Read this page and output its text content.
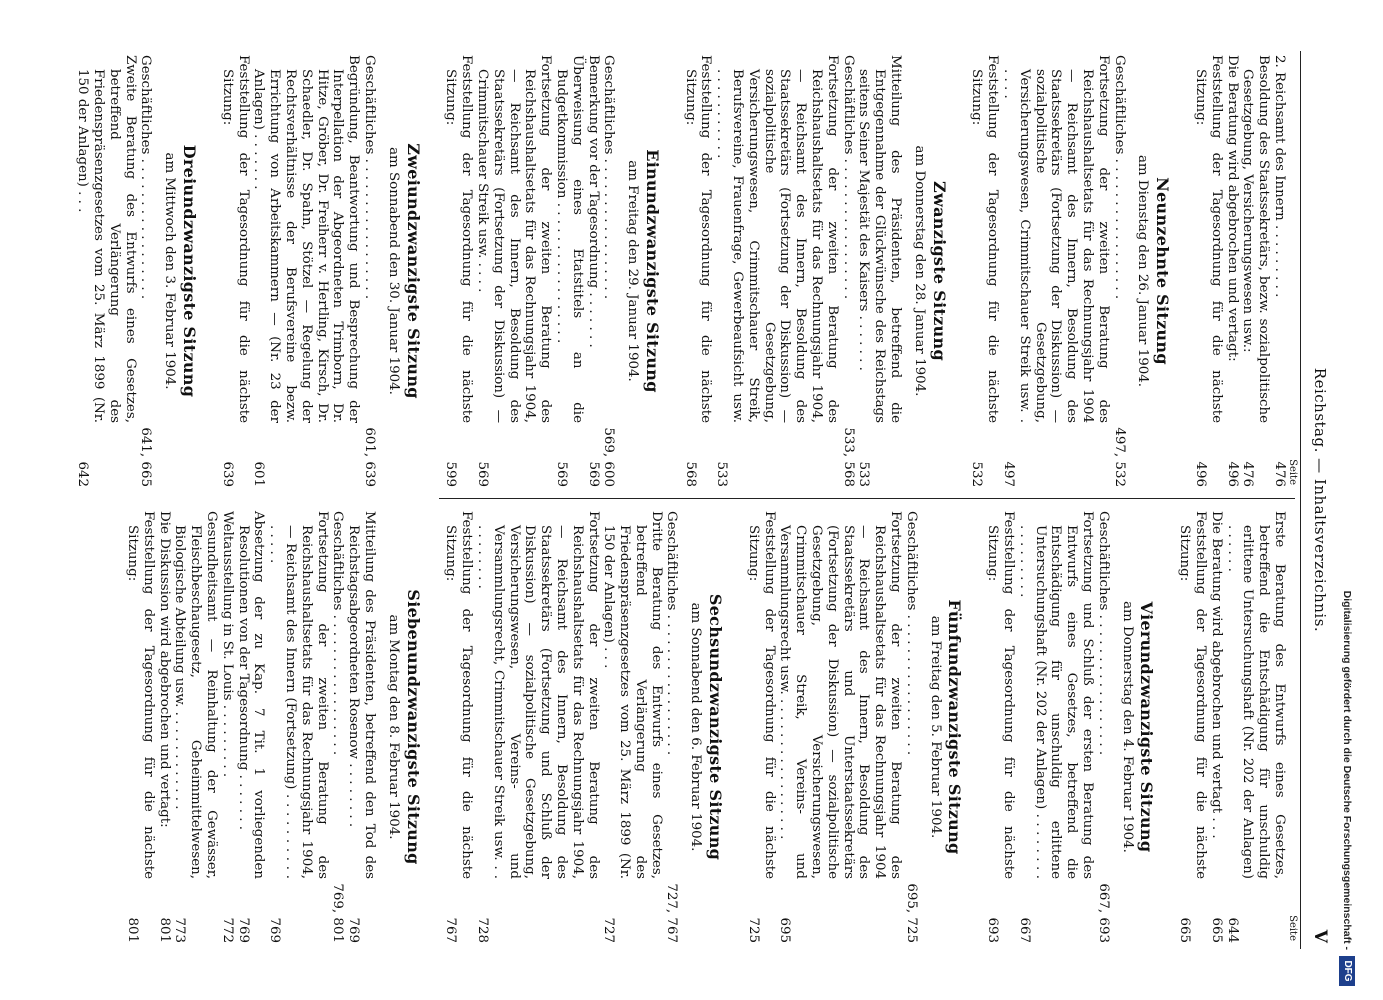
Reichstag. — Inhaltsverzeichnis.
V
Seite
2. Reichsamt des Innern . . . . . . . . .
476
Besoldung des Staatssekretärs, bezw. sozialpolitische Gesetzgebung, Versicherungswesen usw.:
476
Die Beratung wird abgebrochen und vertagt:
496
Feststellung der Tagesordnung für die nächste Sitzung:
496
Neunzehnte Sitzung
am Dienstag den 26. Januar 1904.
Geschäftliches . . . . . . . . . . . . . . . . .
497, 532
Fortsetzung der zweiten Beratung des Reichshaushaltsetats für das Rechnungsjahr 1904 — Reichsamt des Innern, Besoldung des Staatssekretärs (Fortsetzung der Diskussion) — sozialpolitische Gesetzgebung, Versicherungswesen, Crimmitschauer Streik usw. . . . . .
497
Feststellung der Tagesordnung für die nächste Sitzung:
532
Zwanzigste Sitzung
am Donnerstag den 28. Januar 1904.
Mitteilung des Präsidenten, betreffend die Entgegennahme der Glückwünsche des Reichstags seitens Seiner Majestät des Kaisers . . . . . . .
533
Geschäftliches . . . . . . . . . . . . . . . . .
533, 568
Fortsetzung der zweiten Beratung des Reichshaushaltsetats für das Rechnungsjahr 1904, — Reichsamt des Innern, Besoldung des Staatssekretärs (Fortsetzung der Diskussion) — sozialpolitische Gesetzgebung, Versicherungswesen, Crimmitschauer Streik, Berufsvereine, Frauenfrage, Gewerbeaufsicht usw. . . . . . . . . . . .
533
Feststellung der Tagesordnung für die nächste Sitzung:
568
Einundzwanzigste Sitzung
am Freitag den 29. Januar 1904.
Geschäftliches . . . . . . . . . . . . . . . . .
569, 600
Bemerkung vor der Tagesordnung . . . . . . .
569
Überweisung eines Etatstitels an die Budgetkommission . . . . . . . . . . . . . . . . .
569
Fortsetzung der zweiten Beratung des Reichshaushaltsetats für das Rechnungsjahr 1904, — Reichsamt des Innern, Besoldung des Staatssekretärs (Fortsetzung der Diskussion) — Crimmitschauer Streik usw. . . . .
569
Feststellung der Tagesordnung für die nächste Sitzung:
599
Zweiundzwanzigste Sitzung
am Sonnabend den 30. Januar 1904.
Geschäftliches . . . . . . . . . . . . . . . . .
601, 639
Begründung, Beantwortung und Besprechung der Interpellation der Abgeordneten Trimborn, Dr. Hitze, Gröber, Dr. Freiherr v. Hertling, Kirsch, Dr. Schaedler, Dr. Spahn, Stötzel — Regelung der Rechtsverhältnisse der Berufsvereine bezw. Errichtung von Arbeitskammern — (Nr. 23 der Anlagen) . . . . . . .
601
Feststellung der Tagesordnung für die nächste Sitzung:
639
Dreiundzwanzigste Sitzung
am Mittwoch den 3. Februar 1904.
Geschäftliches . . . . . . . . . . . . . . . . .
641, 665
Zweite Beratung des Entwurfs eines Gesetzes, betreffend Verlängerung des Friedenspräsenzgesetzes vom 25. März 1899 (Nr. 150 der Anlagen) . . .
642
Seite
Erste Beratung des Entwurfs eines Gesetzes, betreffend die Entschädigung für unschuldig erlittene Untersuchungshaft (Nr. 202 der Anlagen) . . . . . .
644
Die Beratung wird abgebrochen und vertagt . . .
665
Feststellung der Tagesordnung für die nächste Sitzung:
665
Vierundzwanzigste Sitzung
am Donnerstag den 4. Februar 1904.
Geschäftliches . . . . . . . . . . . . . . . . .
667, 693
Fortsetzung und Schluß der ersten Beratung des Entwurfs eines Gesetzes, betreffend die Entschädigung für unschuldig erlittene Untersuchungshaft (Nr. 202 der Anlagen) . . . . . . . . . . . . . . . . .
667
Feststellung der Tagesordnung für die nächste Sitzung:
693
Fünfundzwanzigste Sitzung
am Freitag den 5. Februar 1904.
Geschäftliches . . . . . . . . . . . . . . . . .
695, 725
Fortsetzung der zweiten Beratung des Reichshaushaltsetats für das Rechnungsjahr 1904 — Reichsamt des Innern, Besoldung des Staatssekretärs und Unterstaatssekretärs (Fortsetzung der Diskussion) — sozialpolitische Gesetzgebung, Versicherungswesen, Crimmitschauer Streik, Vereins- und Versammlungsrecht usw. . . . . . . . . . . . . . . . . .
695
Feststellung der Tagesordnung für die nächste Sitzung:
725
Sechsundzwanzigste Sitzung
am Sonnabend den 6. Februar 1904.
Geschäftliches . . . . . . . . . . . . . . . . .
727, 767
Dritte Beratung des Entwurfs eines Gesetzes, betreffend Verlängerung des Friedenspräsenzgesetzes vom 25. März 1899 (Nr. 150 der Anlagen) . . .
727
Fortsetzung der zweiten Beratung des Reichshaushaltsetats für das Rechnungsjahr 1904, — Reichsamt des Innern, Besoldung des Staatssekretärs (Fortsetzung und Schluß der Diskussion) — sozialpolitische Gesetzgebung, Versicherungswesen, Vereins- und Versammlungsrecht, Crimmitschauer Streik usw. . . . . . . . . . .
728
Feststellung der Tagesordnung für die nächste Sitzung:
767
Siebenundzwanzigste Sitzung
am Montag den 8. Februar 1904.
Mitteilung des Präsidenten, betreffend den Tod des Reichstagsabgeordneten Rosenow . . . . . . . .
769
Geschäftliches . . . . . . . . . . . . . . . . .
769, 801
Fortsetzung der zweiten Beratung des Reichshaushaltsetats für das Rechnungsjahr 1904, — Reichsamt des Innern (Fortsetzung) . . . . . . . . . . . . . . .
769
Absetzung der zu Kap. 7 Tit. 1 vorliegenden Resolutionen von der Tagesordnung . . . . . . .
769
Weltausstellung in St. Louis . . . . . . . . .
772
Gesundheitsamt — Reinhaltung der Gewässer, Fleischbeschaugesetz, Geheimmittelwesen, Biologische Abteilung usw. . . . . . . . . . . . .
773
Die Diskussion wird abgebrochen und vertagt:
801
Feststellung der Tagesordnung für die nächste Sitzung:
801	Digitalisierung gefördert durch die Deutsche Forschungsgemeinschaft -
DFG
